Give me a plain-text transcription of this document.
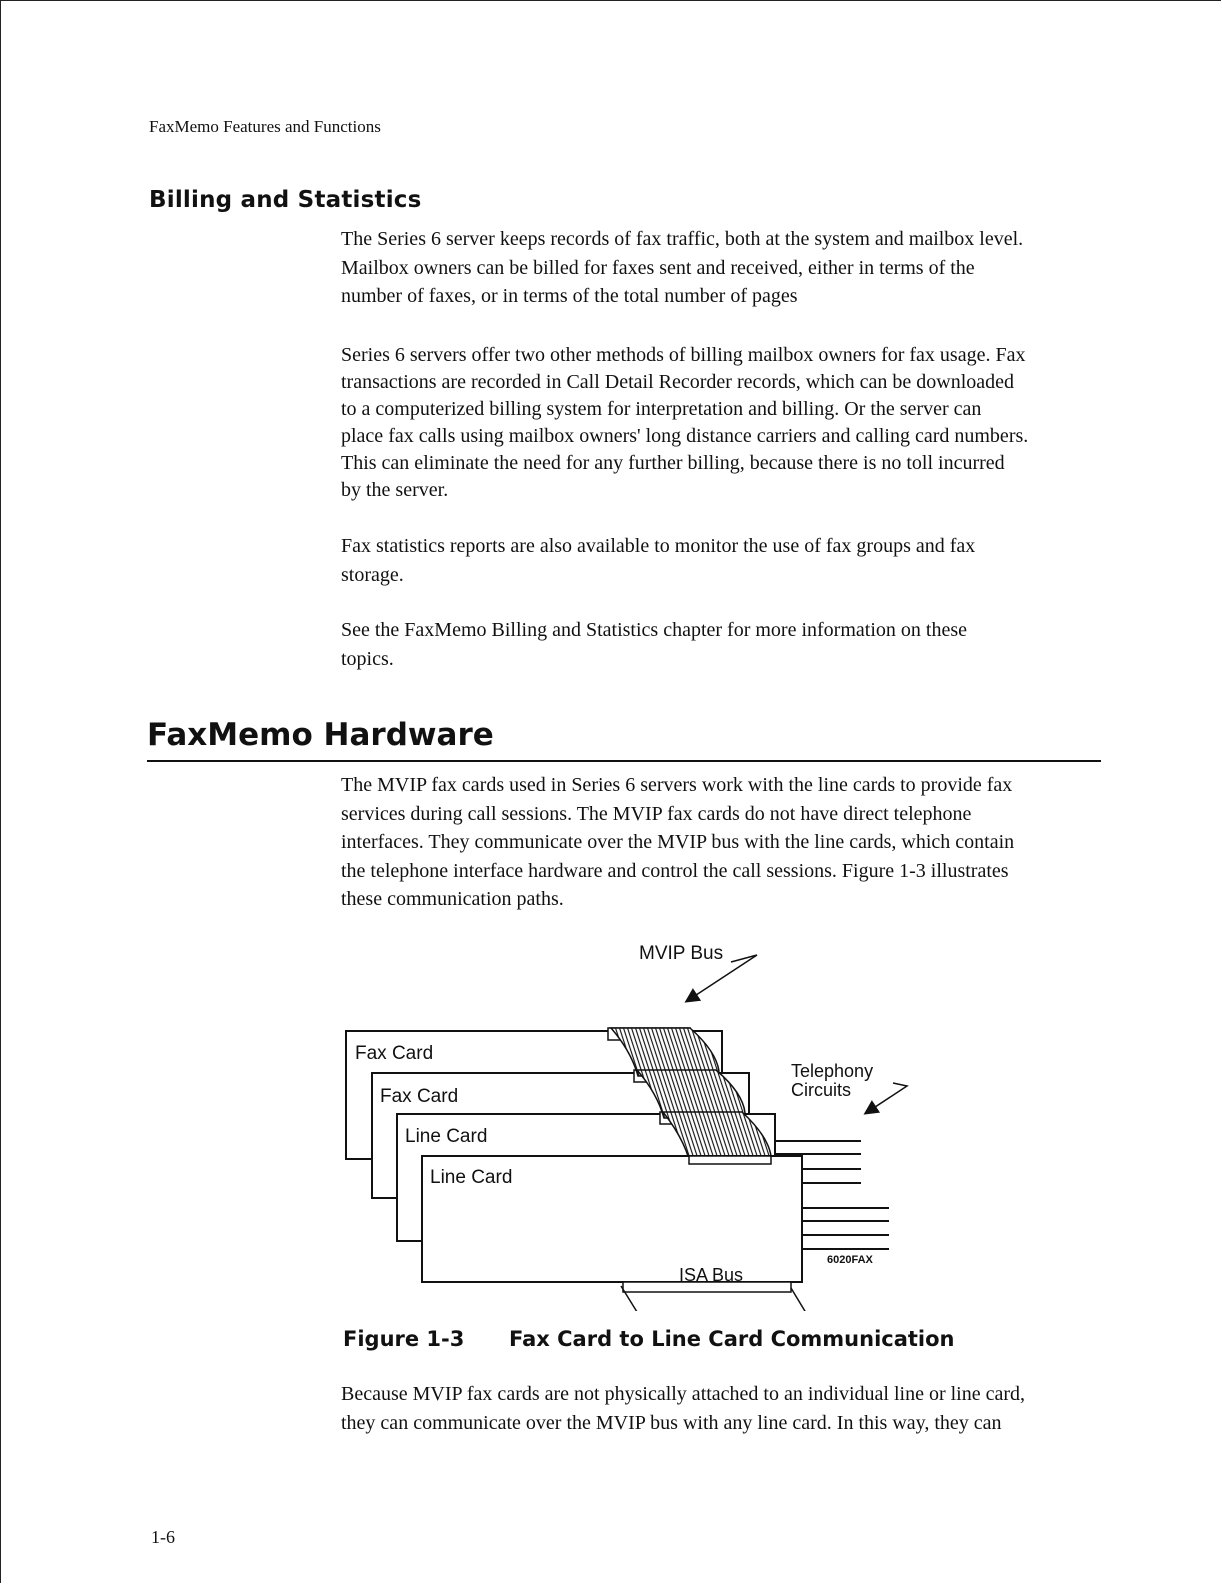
FaxMemo Features and Functions
Billing and Statistics
The Series 6 server keeps records of fax traffic, both at the system and mailbox level.
Mailbox owners can be billed for faxes sent and received, either in terms of the
number of faxes, or in terms of the total number of pages
Series 6 servers offer two other methods of billing mailbox owners for fax usage. Fax
transactions are recorded in Call Detail Recorder records, which can be downloaded
to a computerized billing system for interpretation and billing. Or the server can
place fax calls using mailbox owners' long distance carriers and calling card numbers.
This can eliminate the need for any further billing, because there is no toll incurred
by the server.
Fax statistics reports are also available to monitor the use of fax groups and fax
storage.
See the FaxMemo Billing and Statistics chapter for more information on these
topics.
FaxMemo Hardware
The MVIP fax cards used in Series 6 servers work with the line cards to provide fax
services during call sessions. The MVIP fax cards do not have direct telephone
interfaces. They communicate over the MVIP bus with the line cards, which contain
the telephone interface hardware and control the call sessions. Figure 1-3 illustrates
these communication paths.
MVIP Bus
Fax Card
Fax Card
Line Card
Line Card
Telephony
Circuits
ISA Bus
6020FAX
Figure 1-3 Fax Card to Line Card Communication
Because MVIP fax cards are not physically attached to an individual line or line card,
they can communicate over the MVIP bus with any line card. In this way, they can
1-6
